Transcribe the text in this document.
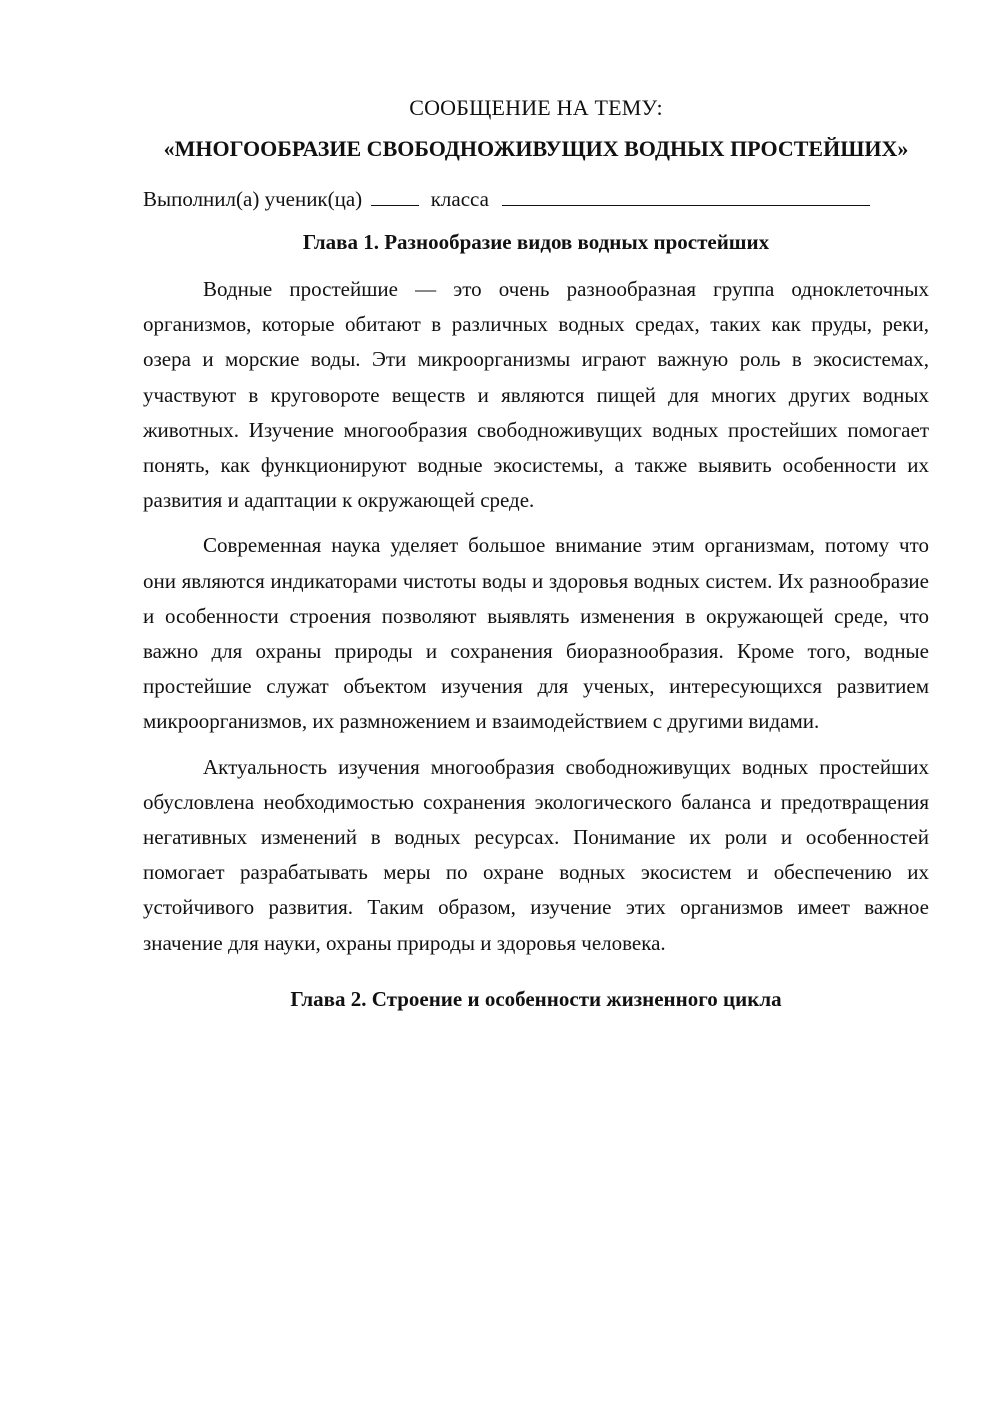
СООБЩЕНИЕ НА ТЕМУ:
«МНОГООБРАЗИЕ СВОБОДНОЖИВУЩИХ ВОДНЫХ ПРОСТЕЙШИХ»
Выполнил(а) ученик(ца)	класса
Глава 1. Разнообразие видов водных простейших

Водные простейшие — это очень разнообразная группа одноклеточных организмов, которые обитают в различных водных средах, таких как пруды, реки, озера и морские воды. Эти микроорганизмы играют важную роль в экосистемах, участвуют в круговороте веществ и являются пищей для многих других водных животных. Изучение многообразия свободноживущих водных простейших помогает понять, как функционируют водные экосистемы, а также выявить особенности их развития и адаптации к окружающей среде.

Современная наука уделяет большое внимание этим организмам, потому что они являются индикаторами чистоты воды и здоровья водных систем. Их разнообразие и особенности строения позволяют выявлять изменения в окружающей среде, что важно для охраны природы и сохранения биоразнообразия. Кроме того, водные простейшие служат объектом изучения для ученых, интересующихся развитием микроорганизмов, их размножением и взаимодействием с другими видами.

Актуальность изучения многообразия свободноживущих водных простейших обусловлена необходимостью сохранения экологического баланса и предотвращения негативных изменений в водных ресурсах. Понимание их роли и особенностей помогает разрабатывать меры по охране водных экосистем и обеспечению их устойчивого развития. Таким образом, изучение этих организмов имеет важное значение для науки, охраны природы и здоровья человека.

Глава 2. Строение и особенности жизненного цикла
